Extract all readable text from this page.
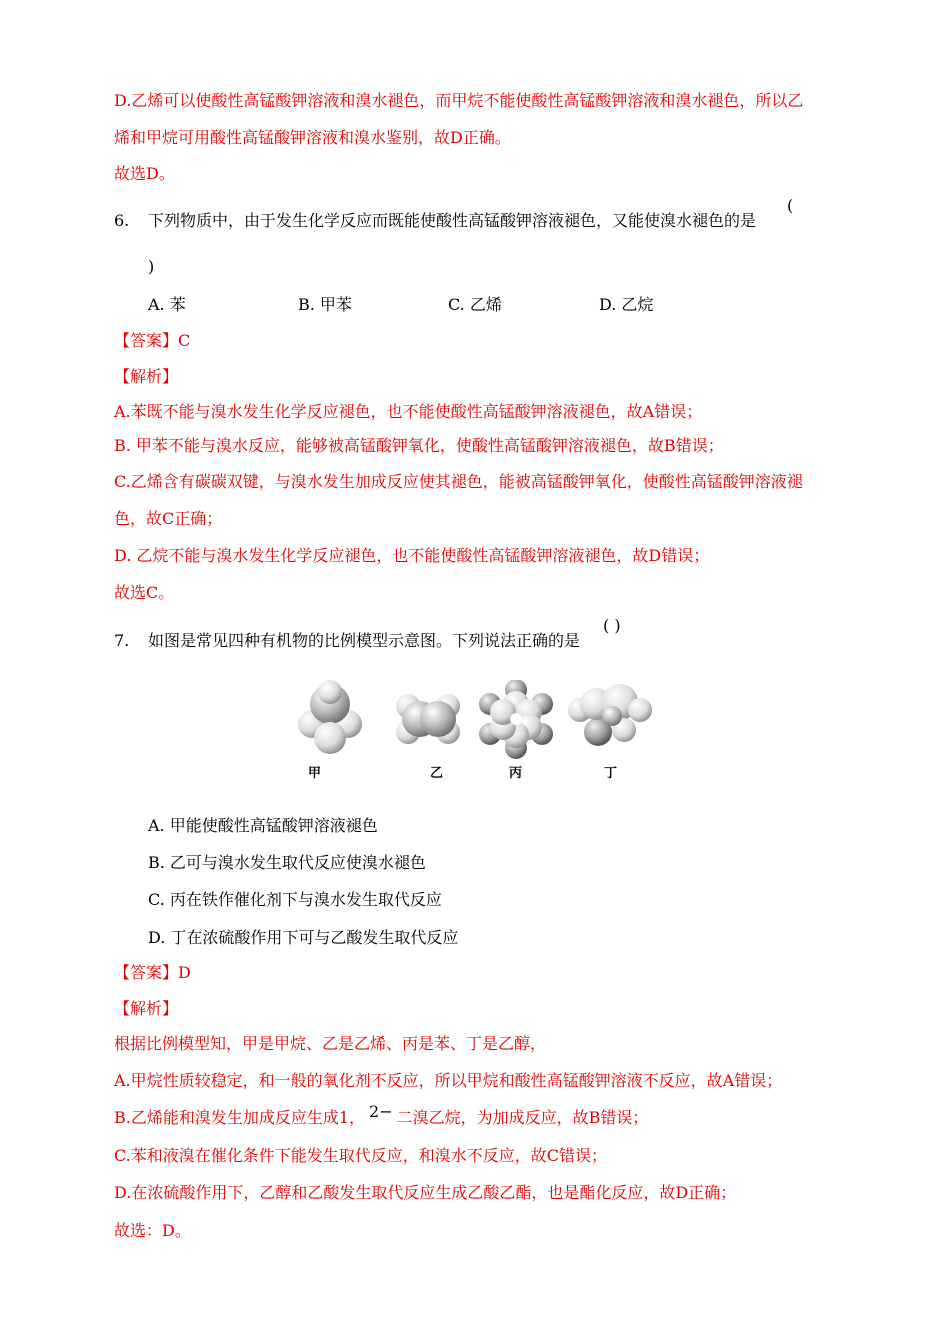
D.乙烯可以使酸性高锰酸钾溶液和溴水褪色，而甲烷不能使酸性高锰酸钾溶液和溴水褪色，所以乙
烯和甲烷可用酸性高锰酸钾溶液和溴水鉴别，故D正确。
故选D。
6. 下列物质中，由于发生化学反应而既能使酸性高锰酸钾溶液褪色，又能使溴水褪色的是
(
)
A. 苯	B. 甲苯	C. 乙烯	D. 乙烷
【答案】C
【解析】
A.苯既不能与溴水发生化学反应褪色，也不能使酸性高锰酸钾溶液褪色，故A错误；
B. 甲苯不能与溴水反应，能够被高锰酸钾氧化，使酸性高锰酸钾溶液褪色，故B错误；
C.乙烯含有碳碳双键，与溴水发生加成反应使其褪色，能被高锰酸钾氧化，使酸性高锰酸钾溶液褪
色，故C正确；
D. 乙烷不能与溴水发生化学反应褪色，也不能使酸性高锰酸钾溶液褪色，故D错误；
故选C。
7. 如图是常见四种有机物的比例模型示意图。下列说法正确的是
( )
甲	乙	丙	丁
A. 甲能使酸性高锰酸钾溶液褪色
B. 乙可与溴水发生取代反应使溴水褪色
C. 丙在铁作催化剂下与溴水发生取代反应
D. 丁在浓硫酸作用下可与乙酸发生取代反应
【答案】D
【解析】
根据比例模型知，甲是甲烷、乙是乙烯、丙是苯、丁是乙醇，
A.甲烷性质较稳定，和一般的氧化剂不反应，所以甲烷和酸性高锰酸钾溶液不反应，故A错误；
B.乙烯能和溴发生加成反应生成1， 2− 二溴乙烷，为加成反应，故B错误；
C.苯和液溴在催化条件下能发生取代反应，和溴水不反应，故C错误；
D.在浓硫酸作用下，乙醇和乙酸发生取代反应生成乙酸乙酯，也是酯化反应，故D正确；
故选：D。
